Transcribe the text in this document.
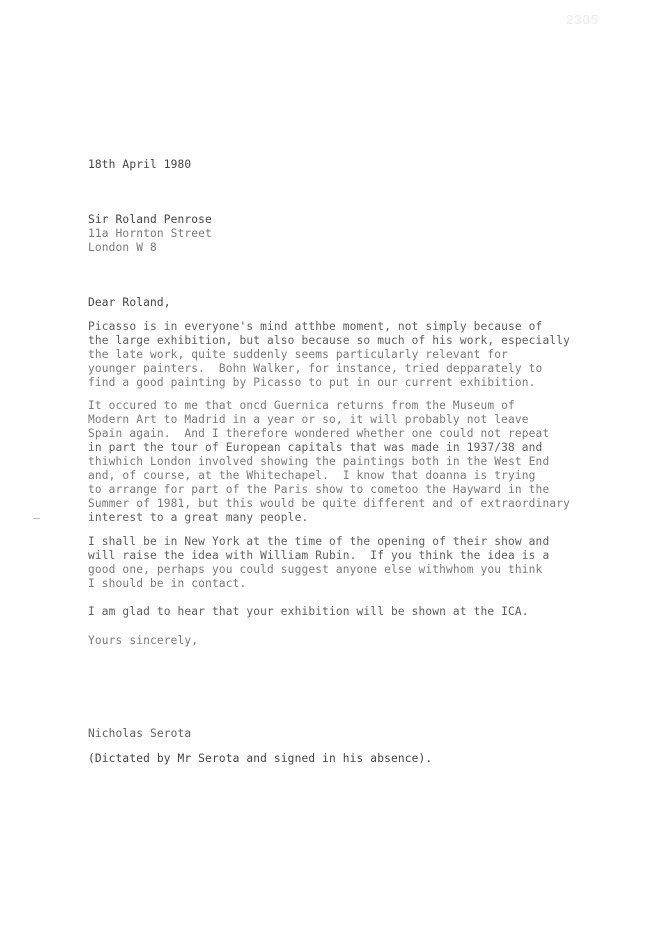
2305
18th April 1980
Sir Roland Penrose
11a Hornton Street
London W 8
Dear Roland,
Picasso is in everyone's mind atthbe moment, not simply because of
the large exhibition, but also because so much of his work, especially
the late work, quite suddenly seems particularly relevant for
younger painters.  Bohn Walker, for instance, tried depparately to
find a good painting by Picasso to put in our current exhibition.
It occured to me that oncd Guernica returns from the Museum of
Modern Art to Madrid in a year or so, it will probably not leave
Spain again.  And I therefore wondered whether one could not repeat
in part the tour of European capitals that was made in 1937/38 and
thiwhich London involved showing the paintings both in the West End
and, of course, at the Whitechapel.  I know that doanna is trying
to arrange for part of the Paris show to cometoo the Hayward in the
Summer of 1981, but this would be quite different and of extraordinary
interest to a great many people.
I shall be in New York at the time of the opening of their show and
will raise the idea with William Rubin.  If you think the idea is a
good one, perhaps you could suggest anyone else withwhom you think
I should be in contact.
I am glad to hear that your exhibition will be shown at the ICA.
Yours sincerely,
Nicholas Serota
(Dictated by Mr Serota and signed in his absence).
